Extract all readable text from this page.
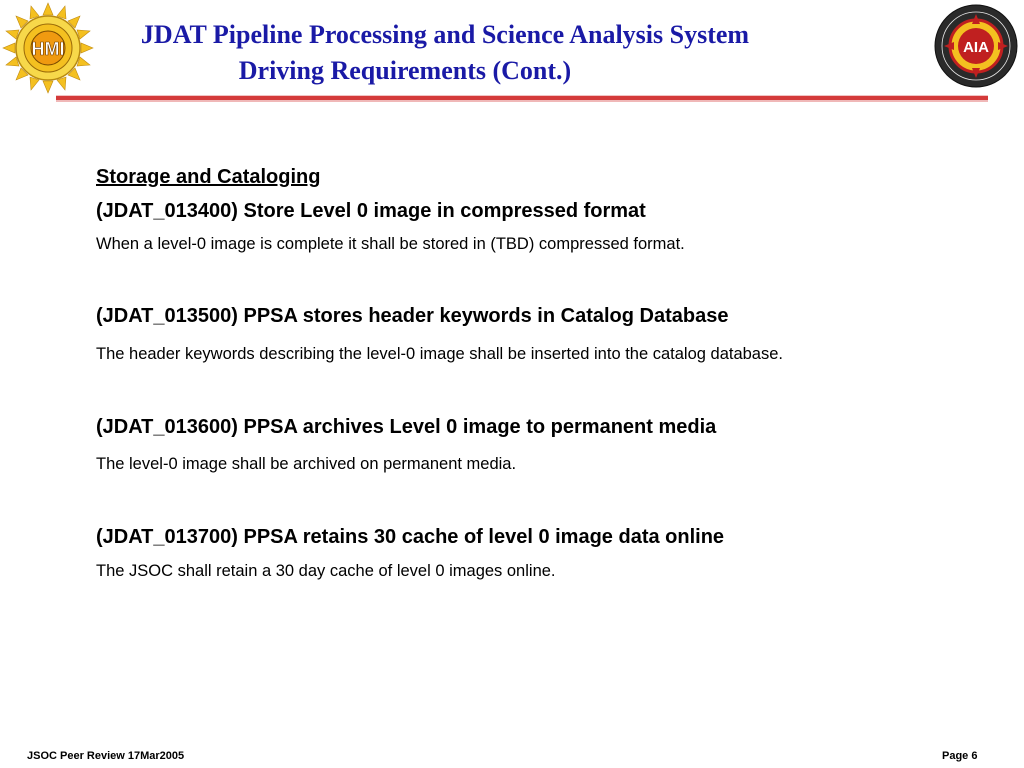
HMI	AIA
JDAT Pipeline Processing and Science Analysis System
Driving Requirements (Cont.)
Storage and Cataloging
(JDAT_013400) Store Level 0 image in compressed format
When a level-0 image is complete it shall be stored in (TBD) compressed format.
(JDAT_013500) PPSA stores header keywords in Catalog Database
The header keywords describing the level-0 image shall be inserted into the catalog database.
(JDAT_013600) PPSA archives Level 0 image to permanent media
The level-0 image shall be archived on permanent media.
(JDAT_013700) PPSA retains 30 cache of level 0 image data online
The JSOC shall retain a 30 day cache of level 0 images online.
JSOC Peer Review 17Mar2005	Page 6
